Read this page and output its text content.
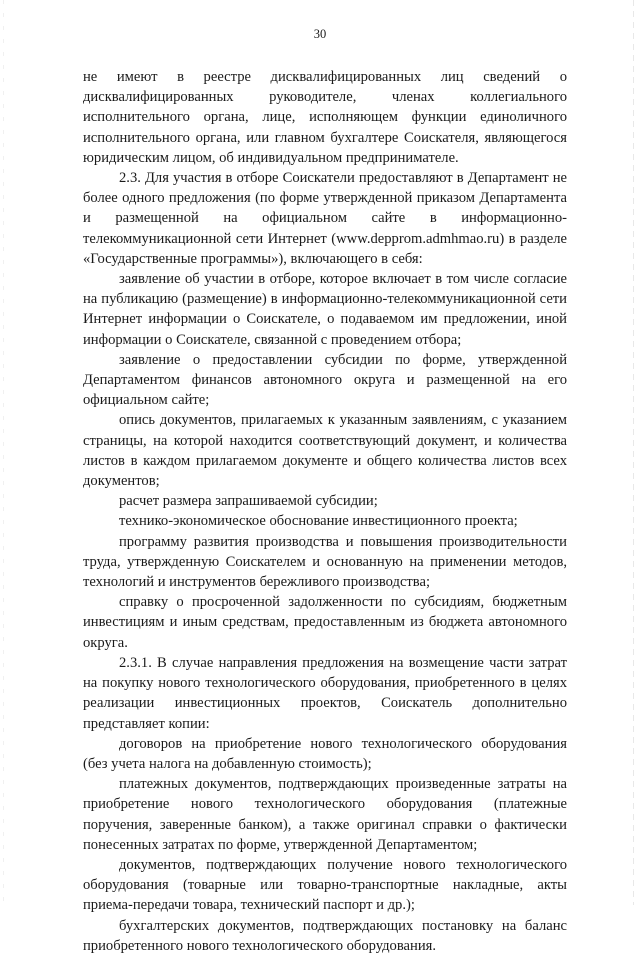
30

не имеют в реестре дисквалифицированных лиц сведений о дисквалифицированных руководителе, членах коллегиального исполнительного органа, лице, исполняющем функции единоличного исполнительного органа, или главном бухгалтере Соискателя, являющегося юридическим лицом, об индивидуальном предпринимателе.

2.3. Для участия в отборе Соискатели предоставляют в Департамент не более одного предложения (по форме утвержденной приказом Департамента и размещенной на официальном сайте в информационно-телекоммуникационной сети Интернет (www.depprom.admhmao.ru) в разделе «Государственные программы»), включающего в себя:

заявление об участии в отборе, которое включает в том числе согласие на публикацию (размещение) в информационно-телекоммуникационной сети Интернет информации о Соискателе, о подаваемом им предложении, иной информации о Соискателе, связанной с проведением отбора;

заявление о предоставлении субсидии по форме, утвержденной Департаментом финансов автономного округа и размещенной на его официальном сайте;

опись документов, прилагаемых к указанным заявлениям, с указанием страницы, на которой находится соответствующий документ, и количества листов в каждом прилагаемом документе и общего количества листов всех документов;

расчет размера запрашиваемой субсидии;

технико-экономическое обоснование инвестиционного проекта;

программу развития производства и повышения производительности труда, утвержденную Соискателем и основанную на применении методов, технологий и инструментов бережливого производства;

справку о просроченной задолженности по субсидиям, бюджетным инвестициям и иным средствам, предоставленным из бюджета автономного округа.

2.3.1. В случае направления предложения на возмещение части затрат на покупку нового технологического оборудования, приобретенного в целях реализации инвестиционных проектов, Соискатель дополнительно представляет копии:

договоров на приобретение нового технологического оборудования (без учета налога на добавленную стоимость);

платежных документов, подтверждающих произведенные затраты на приобретение нового технологического оборудования (платежные поручения, заверенные банком), а также оригинал справки о фактически понесенных затратах по форме, утвержденной Департаментом;

документов, подтверждающих получение нового технологического оборудования (товарные или товарно-транспортные накладные, акты приема-передачи товара, технический паспорт и др.);

бухгалтерских документов, подтверждающих постановку на баланс приобретенного нового технологического оборудования.
